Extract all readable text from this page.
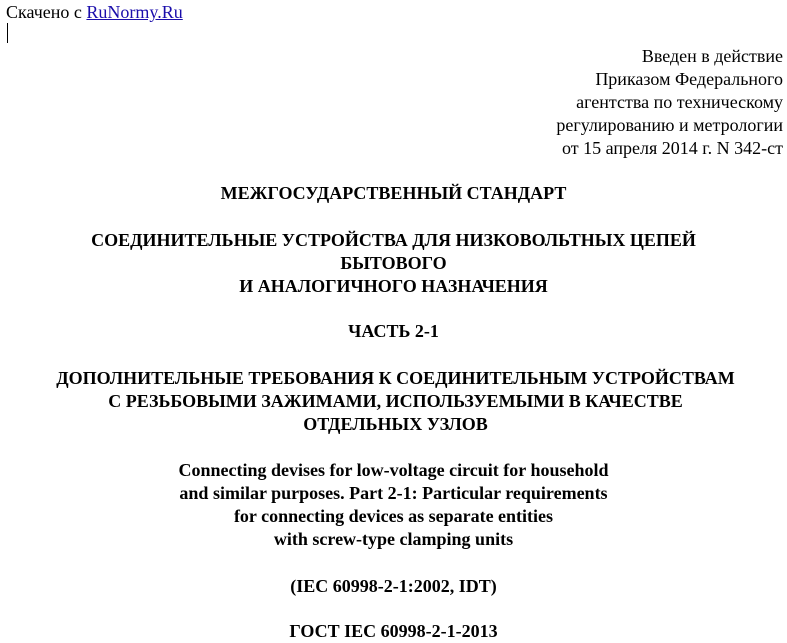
Скачено с RuNormy.Ru
Введен в действие
Приказом Федерального
агентства по техническому
регулированию и метрологии
от 15 апреля 2014 г. N 342-ст
МЕЖГОСУДАРСТВЕННЫЙ СТАНДАРТ
СОЕДИНИТЕЛЬНЫЕ УСТРОЙСТВА ДЛЯ НИЗКОВОЛЬТНЫХ ЦЕПЕЙ
БЫТОВОГО
И АНАЛОГИЧНОГО НАЗНАЧЕНИЯ
ЧАСТЬ 2-1
ДОПОЛНИТЕЛЬНЫЕ ТРЕБОВАНИЯ К СОЕДИНИТЕЛЬНЫМ УСТРОЙСТВАМ
С РЕЗЬБОВЫМИ ЗАЖИМАМИ, ИСПОЛЬЗУЕМЫМИ В КАЧЕСТВЕ
ОТДЕЛЬНЫХ УЗЛОВ
Connecting devises for low-voltage circuit for household
and similar purposes. Part 2-1: Particular requirements
for connecting devices as separate entities
with screw-type clamping units
(IEC 60998-2-1:2002, IDT)
ГОСТ IEC 60998-2-1-2013
